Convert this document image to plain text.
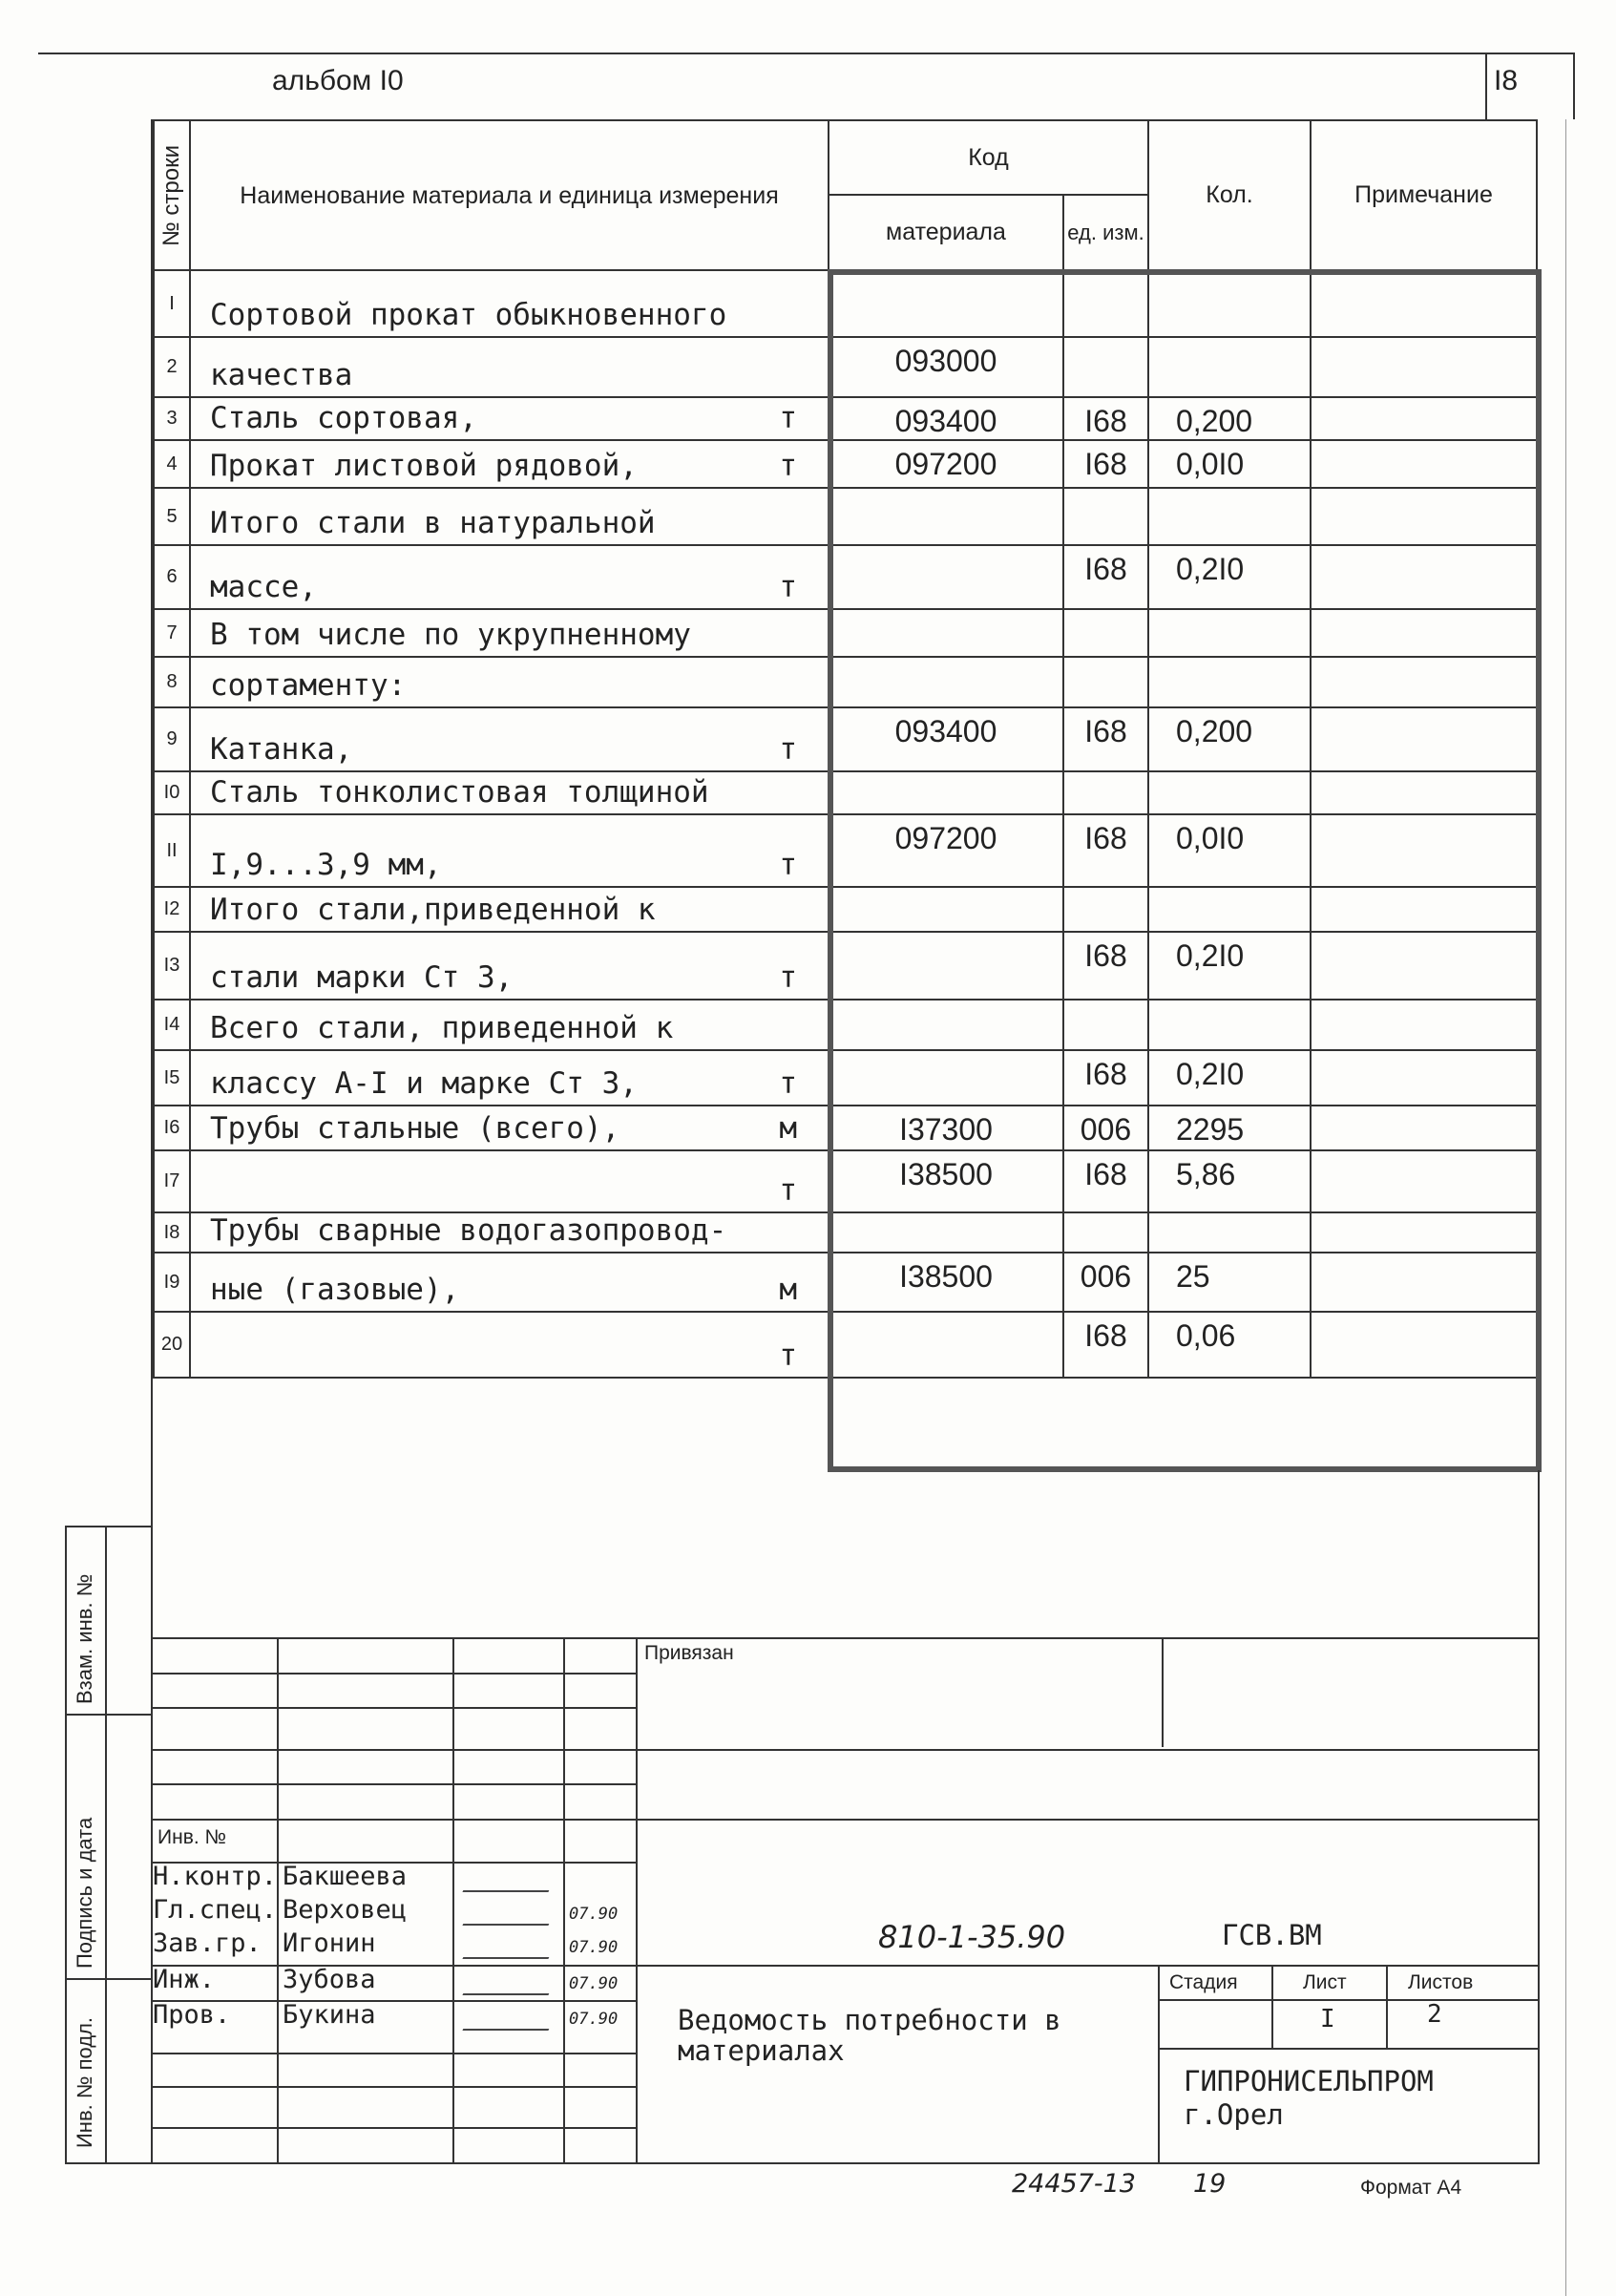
альбом I0	I8
№ строки	Наименование материала и единица измерения	Код		Кол.	Примечание
		материала	ед. изм.		
I	Сортовой прокат обыкновенного				

2	качества	093000			
3	Сталь сортовая, т	093400	I68	0,200	
4	Прокат листовой рядовой, т	097200	I68	0,0I0	
5	Итого стали в натуральной				

6	массе, т		I68	0,2I0	
7	В том числе по укрупненному				

8	сортаменту:				

9	Катанка, т	093400	I68	0,200	
I0	Сталь тонколистовая толщиной				

II	I,9...3,9 мм, т	097200	I68	0,0I0	
I2	Итого стали,приведенной к				

I3	стали марки Ст 3, т		I68	0,2I0	
I4	Всего стали, приведенной к				

I5	классу А-I и марке Ст 3, т		I68	0,2I0	
I6	Трубы стальные (всего), м	I37300	006	2295	
I7	т	I38500	I68	5,86	
I8	Трубы сварные водогазопровод-				

I9	ные (газовые), м	I38500	006	25	
20	т		I68	0,06	
Взам. инв. №
Подпись и дата
Инв. № подл.
Привязан
Инв. №
Н.контр. Бакшеева
Гл.спец. Верховец	07.90
Зав.гр. Игонин	07.90
Инж.	Зубова	07.90
Пров. Букина	07.90
810-1-35.90	ГСВ.ВМ
Ведомость потребности в материалах
Стадия	Лист	Листов
I	2
ГИПРОНИСЕЛЬПРОМ
г.Орел
24457-13 19	Формат А4
